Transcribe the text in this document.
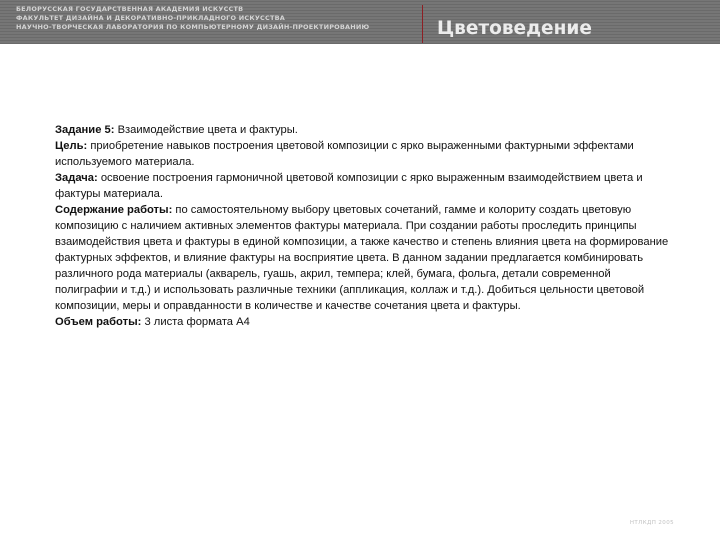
БЕЛОРУССКАЯ ГОСУДАРСТВЕННАЯ АКАДЕМИЯ ИСКУССТВ
ФАКУЛЬТЕТ ДИЗАЙНА И ДЕКОРАТИВНО-ПРИКЛАДНОГО ИСКУССТВА
НАУЧНО-ТВОРЧЕСКАЯ ЛАБОРАТОРИЯ ПО КОМПЬЮТЕРНОМУ ДИЗАЙН-ПРОЕКТИРОВАНИЮ	Цветоведение

Задание 5: Взаимодействие цвета и фактуры.

Цель: приобретение навыков построения цветовой композиции с ярко выраженными фактурными эффектами используемого материала.

Задача: освоение построения гармоничной цветовой композиции с ярко выраженным взаимодействием цвета и фактуры материала.

Содержание работы: по самостоятельному выбору цветовых сочетаний, гамме и колориту создать цветовую композицию с наличием активных элементов фактуры материала. При создании работы проследить принципы взаимодействия цвета и фактуры в единой композиции, а также качество и степень влияния цвета на формирование фактурных эффектов, и влияние фактуры на восприятие цвета. В данном задании предлагается комбинировать различного рода материалы (акварель, гуашь, акрил, темпера; клей, бумага, фольга, детали современной полиграфии и т.д.) и использовать различные техники (аппликация, коллаж и т.д.). Добиться цельности цветовой композиции, меры и оправданности в количестве и качестве сочетания цвета и фактуры.

Объем работы: 3 листа формата А4

НТЛКДП 2005
